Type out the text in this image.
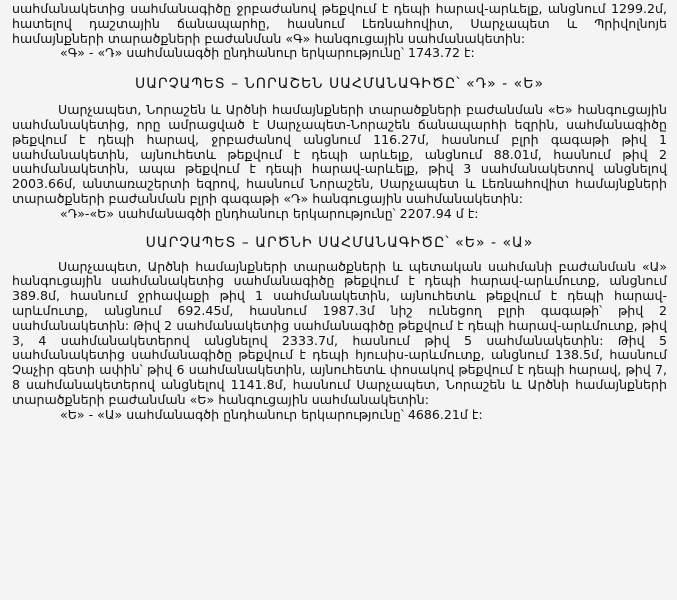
սահմանակետից սահմանագիծը ջրբաժանով թեքվում է դեպի հարավ-արևելք, անցնում 1299.2մ, հատելով դաշտային ճանապարհը, հասնում Լեռնահովիտ, Սարչապետ և Պրիվոլնոյե համայնքների տարածքների բաժանման «Գ» հանգուցային սահմանակետին:

«Գ» - «Դ» սահմանագծի ընդհանուր երկարությունը՝ 1743.72 է:

ՍԱՐՉԱՊԵՏ – ՆՈՐԱՇԵՆ ՍԱՀՄԱՆԱԳԻԾԸ՝ «Դ» - «Ե»

Սարչապետ, Նորաշեն և Արծնի համայնքների տարածքների բաժանման «Ե» հանգուցային սահմանակետից, որը ամրացված է Սարչապետ-Նորաշեն ճանապարհի եզրին, սահմանագիծը թեքվում է դեպի հարավ, ջրբաժանով անցնում 116.27մ, հասնում բլրի գագաթի թիվ 1 սահմանակետին, այնուհետև թեքվում է դեպի արևելք, անցնում 88.01մ, հասնում թիվ 2 սահմանակետին, ապա թեքվում է դեպի հարավ-արևելք, թիվ 3 սահմանակետով անցնելով 2003.66մ, անտառաշերտի եզրով, հասնում Նորաշեն, Սարչապետ և Լեռնահովիտ համայնքների տարածքների բաժանման բլրի գագաթի «Դ» հանգուցային սահմանակետին:

«Դ»-«Ե» սահմանագծի ընդհանուր երկարությունը՝ 2207.94 մ է:

ՍԱՐՉԱՊԵՏ – ԱՐԾՆԻ ՍԱՀՄԱՆԱԳԻԾԸ՝ «Ե» - «Ա»

Սարչապետ, Արծնի համայնքների տարածքների և պետական սահմանի բաժանման «Ա» հանգուցային սահմանակետից սահմանագիծը թեքվում է դեպի հարավ-արևմուտք, անցնում 389.8մ, հասնում ջրհավաքի թիվ 1 սահմանակետին, այնուհետև թեքվում է դեպի հարավ-արևմուտք, անցնում 692.45մ, հասնում 1987.3մ նիշ ունեցող բլրի գագաթի՝ թիվ 2 սահմանակետին: Թիվ 2 սահմանակետից սահմանագիծը թեքվում է դեպի հարավ-արևմուտք, թիվ 3, 4 սահմանակետերով անցնելով 2333.7մ, հասնում թիվ 5 սահմանակետին: Թիվ 5 սահմանակետից սահմանագիծը թեքվում է դեպի հյուսիս-արևմուտք, անցնում 138.5մ, հասնում Չաչիր գետի ափին՝ թիվ 6 սահմանակետին, այնուհետև փոսակով թեքվում է դեպի հարավ, թիվ 7, 8 սահմանակետերով անցնելով 1141.8մ, հասնում Սարչապետ, Նորաշեն և Արծնի համայնքների տարածքների բաժանման «Ե» հանգուցային սահմանակետին:

«Ե» - «Ա» սահմանագծի ընդհանուր երկարությունը՝ 4686.21մ է:
